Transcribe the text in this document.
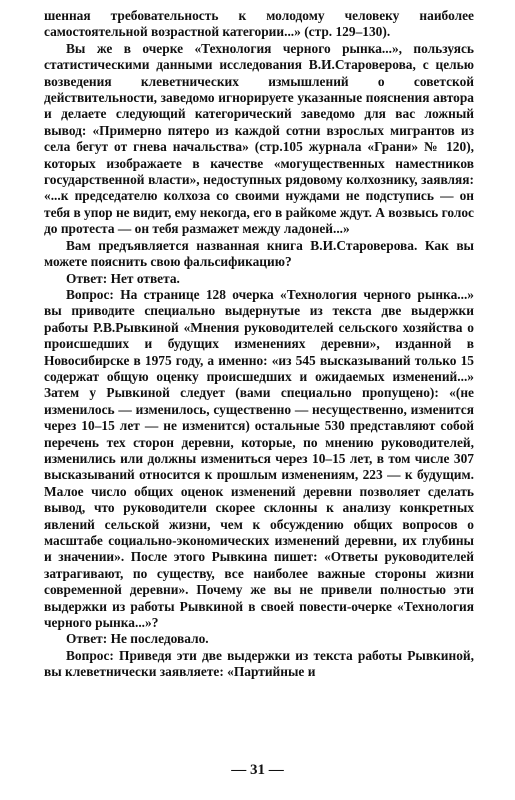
шенная требовательность к молодому человеку наиболее самостоятельной возрастной категории...» (стр. 129–130).

Вы же в очерке «Технология черного рынка...», пользуясь статистическими данными исследования В.И.Староверова, с целью возведения клеветнических измышлений о советской действительности, заведомо игнорируете указанные пояснения автора и делаете следующий категорический заведомо для вас ложный вывод: «Примерно пятеро из каждой сотни взрослых мигрантов из села бегут от гнева начальства» (стр.105 журнала «Грани» № 120), которых изображаете в качестве «могущественных наместников государственной власти», недоступных рядовому колхознику, заявляя: «...к председателю колхоза со своими нуждами не подступись — он тебя в упор не видит, ему некогда, его в райкоме ждут. А возвысь голос до протеста — он тебя размажет между ладоней...»

Вам предъявляется названная книга В.И.Староверова. Как вы можете пояснить свою фальсификацию?

Ответ: Нет ответа.

Вопрос: На странице 128 очерка «Технология черного рынка...» вы приводите специально выдернутые из текста две выдержки работы Р.В.Рывкиной «Мнения руководителей сельского хозяйства о происшедших и будущих изменениях деревни», изданной в Новосибирске в 1975 году, а именно: «из 545 высказываний только 15 содержат общую оценку происшедших и ожидаемых изменений...» Затем у Рывкиной следует (вами специально пропущено): «(не изменилось — изменилось, существенно — несущественно, изменится через 10–15 лет — не изменится) остальные 530 представляют собой перечень тех сторон деревни, которые, по мнению руководителей, изменились или должны измениться через 10–15 лет, в том числе 307 высказываний относится к прошлым изменениям, 223 — к будущим. Малое число общих оценок изменений деревни позволяет сделать вывод, что руководители скорее склонны к анализу конкретных явлений сельской жизни, чем к обсуждению общих вопросов о масштабе социально-экономических изменений деревни, их глубины и значении». После этого Рывкина пишет: «Ответы руководителей затрагивают, по существу, все наиболее важные стороны жизни современной деревни». Почему же вы не привели полностью эти выдержки из работы Рывкиной в своей повести-очерке «Технология черного рынка...»?

Ответ: Не последовало.

Вопрос: Приведя эти две выдержки из текста работы Рывкиной, вы клеветнически заявляете: «Партийные и

— 31 —
